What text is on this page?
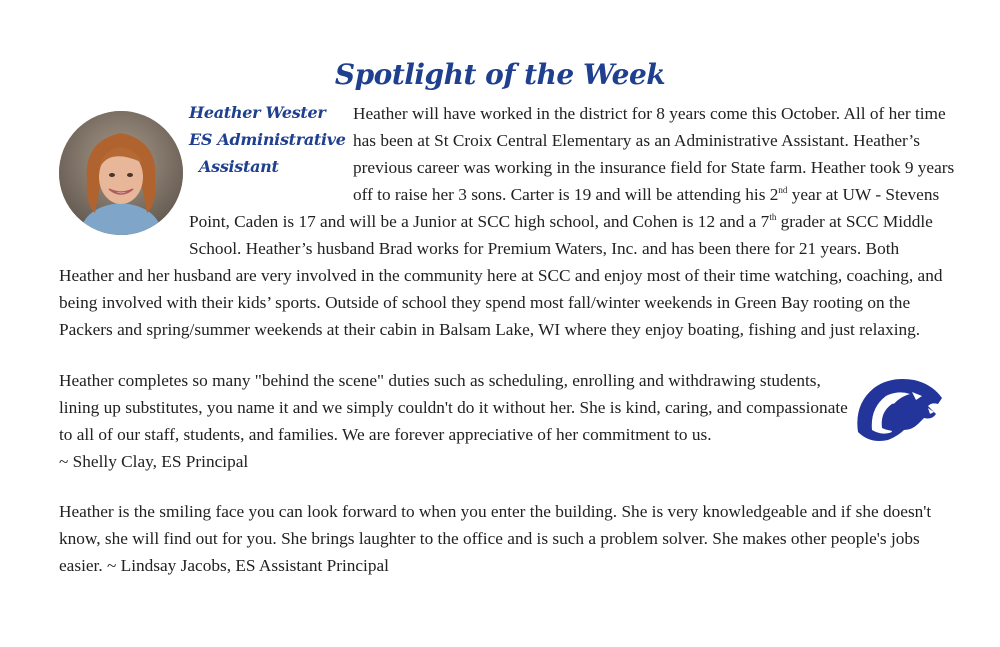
Spotlight of the Week
Heather Wester
ES Administrative
Assistant
Heather will have worked in the district for 8 years come this October. All of her time
has been at St Croix Central Elementary as an Administrative Assistant. Heather’s
previous career was working in the insurance field for State farm. Heather took 9 years
off to raise her 3 sons. Carter is 19 and will be attending his 2nd year at UW - Stevens
Point, Caden is 17 and will be a Junior at SCC high school, and Cohen is 12 and a 7th grader at SCC Middle
School. Heather’s husband Brad works for Premium Waters, Inc. and has been there for 21 years. Both
Heather and her husband are very involved in the community here at SCC and enjoy most of their time watching, coaching, and
being involved with their kids’ sports. Outside of school they spend most fall/winter weekends in Green Bay rooting on the
Packers and spring/summer weekends at their cabin in Balsam Lake, WI where they enjoy boating, fishing and just relaxing.
Heather completes so many "behind the scene" duties such as scheduling, enrolling and withdrawing students,
lining up substitutes, you name it and we simply couldn't do it without her. She is kind, caring, and compassionate
to all of our staff, students, and families. We are forever appreciative of her commitment to us.
~ Shelly Clay, ES Principal
Heather is the smiling face you can look forward to when you enter the building. She is very knowledgeable and if she doesn't
know, she will find out for you. She brings laughter to the office and is such a problem solver. She makes other people's jobs
easier. ~ Lindsay Jacobs, ES Assistant Principal
